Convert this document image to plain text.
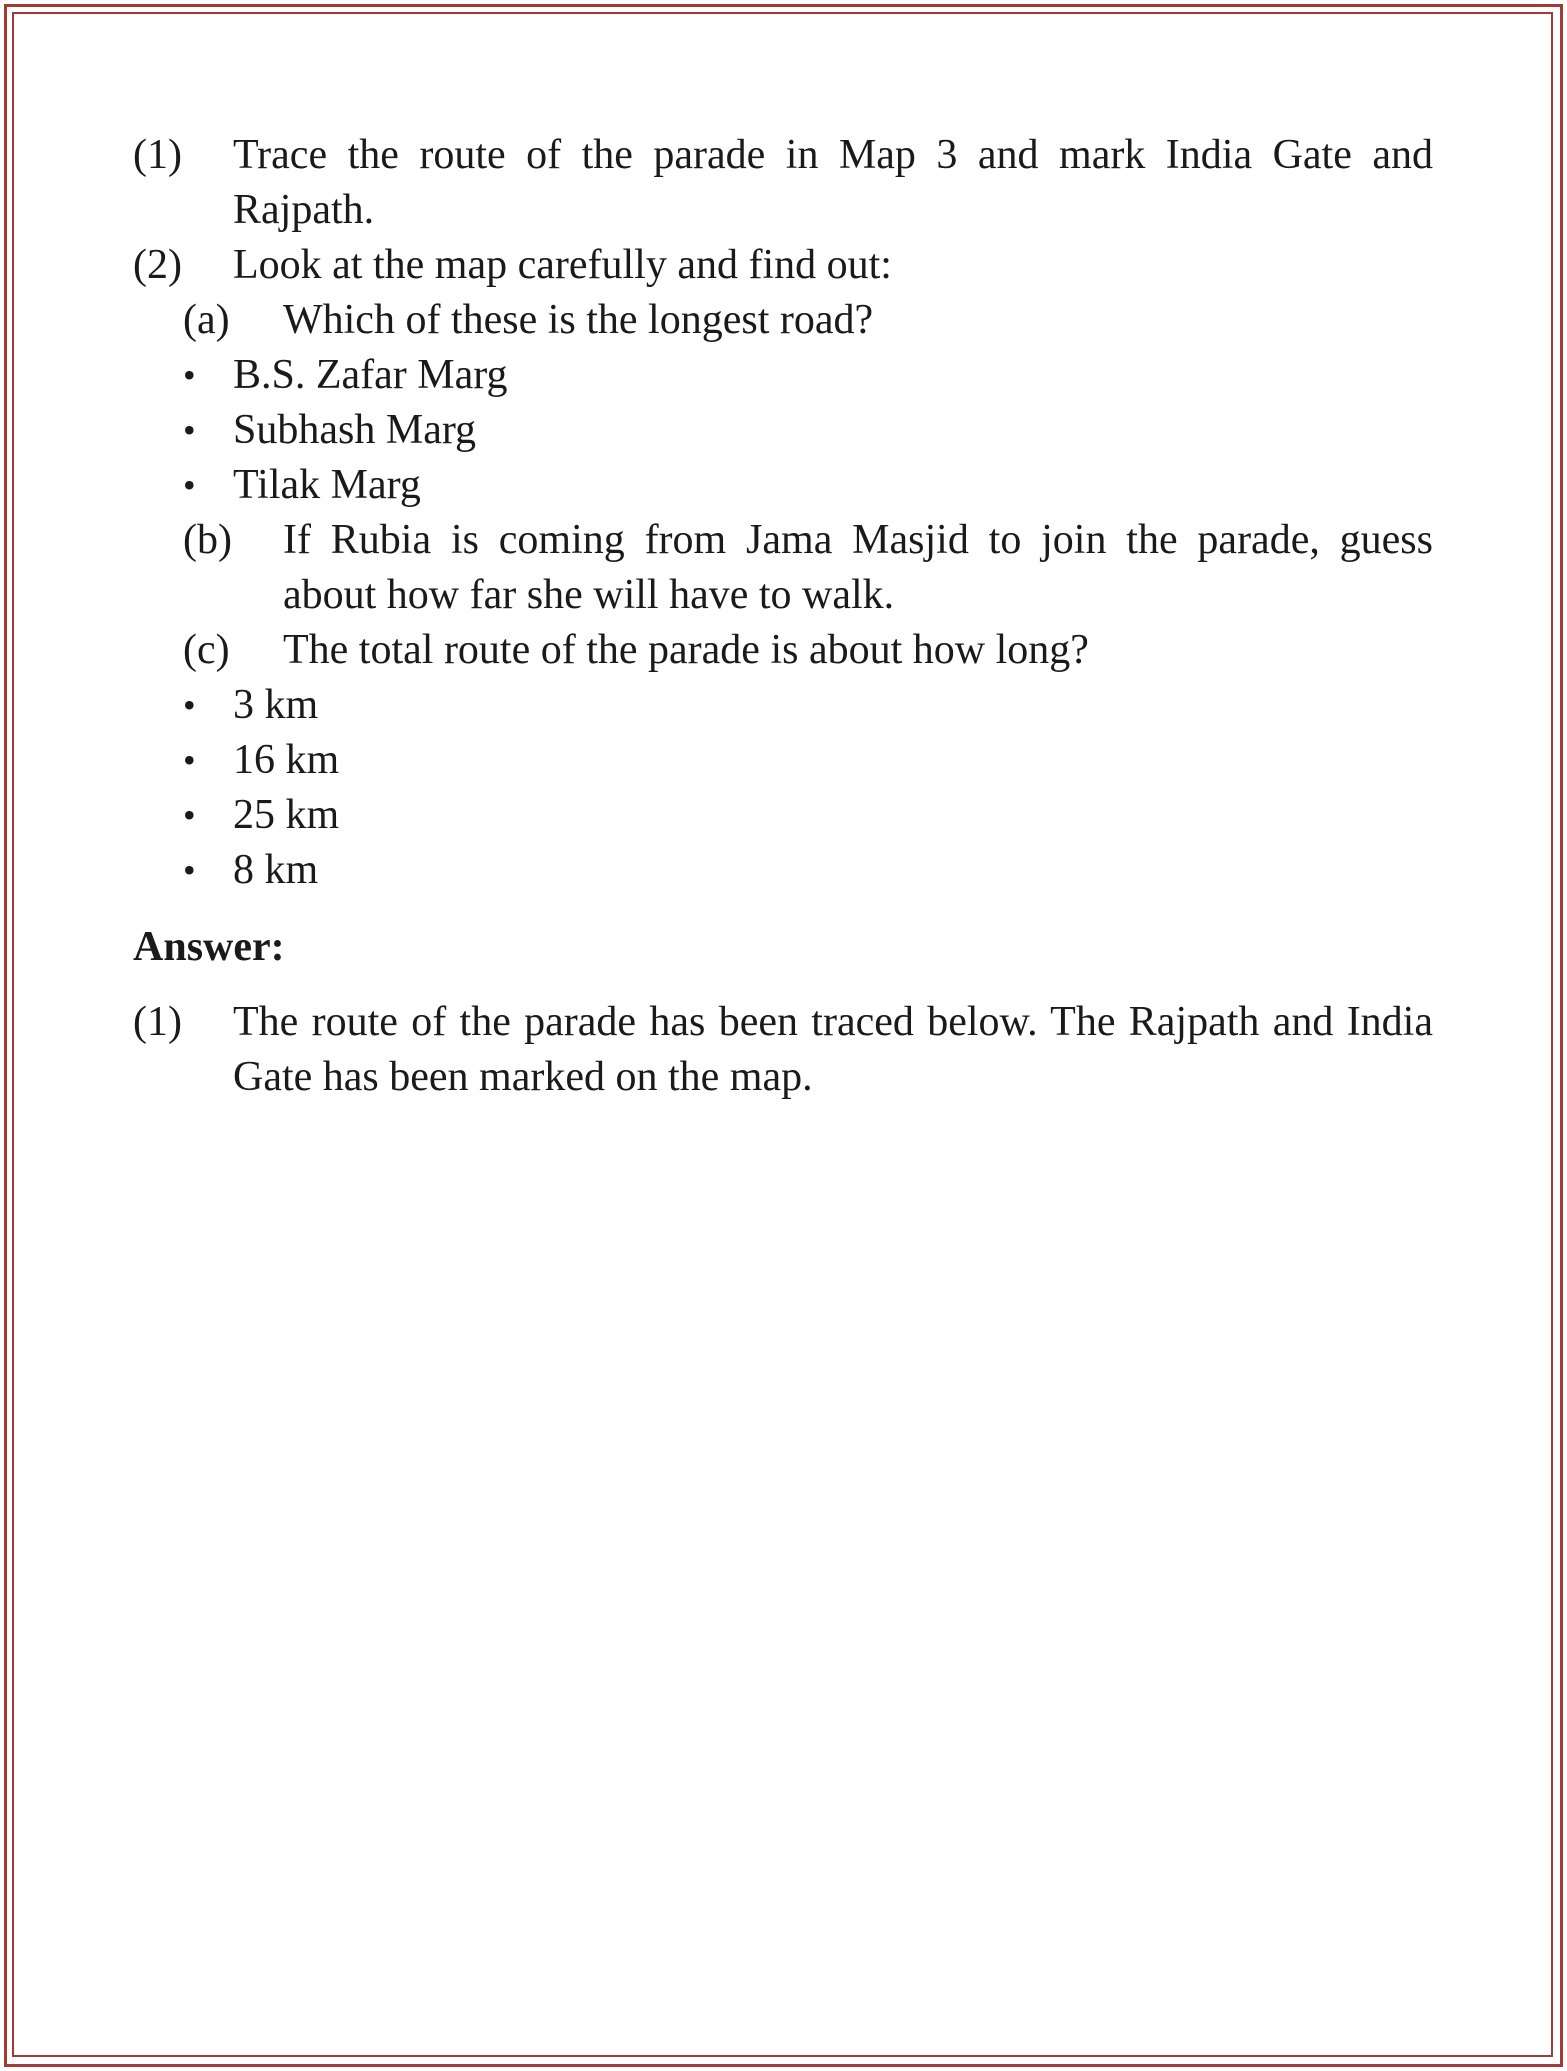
(1) Trace the route of the parade in Map 3 and mark India Gate and Rajpath.
(2) Look at the map carefully and find out:
(a) Which of these is the longest road?
• B.S. Zafar Marg
• Subhash Marg
• Tilak Marg
(b) If Rubia is coming from Jama Masjid to join the parade, guess about how far she will have to walk.
(c) The total route of the parade is about how long?
• 3 km
• 16 km
• 25 km
• 8 km
Answer:
(1) The route of the parade has been traced below. The Rajpath and India Gate has been marked on the map.
